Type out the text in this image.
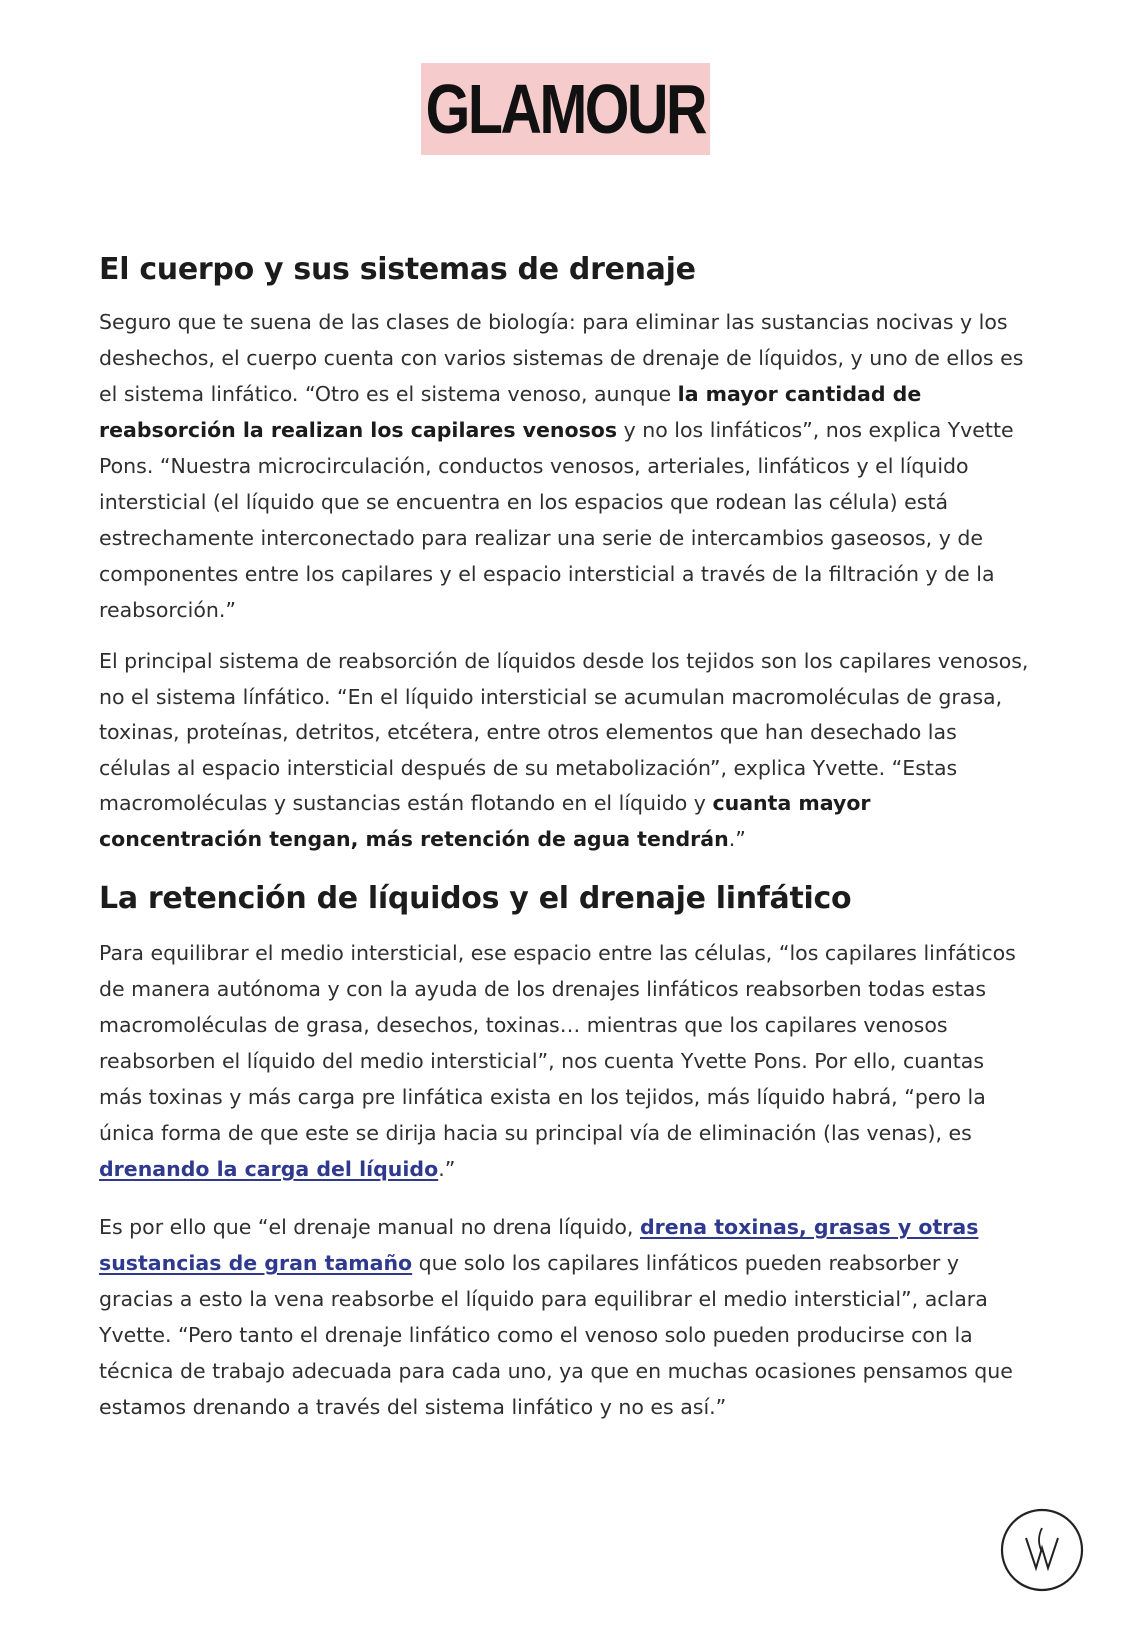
GLAMOUR
El cuerpo y sus sistemas de drenaje

Seguro que te suena de las clases de biología: para eliminar las sustancias nocivas y los deshechos, el cuerpo cuenta con varios sistemas de drenaje de líquidos, y uno de ellos es el sistema linfático. “Otro es el sistema venoso, aunque la mayor cantidad de reabsorción la realizan los capilares venosos y no los linfáticos”, nos explica Yvette Pons. “Nuestra microcirculación, conductos venosos, arteriales, linfáticos y el líquido intersticial (el líquido que se encuentra en los espacios que rodean las célula) está estrechamente interconectado para realizar una serie de intercambios gaseosos, y de componentes entre los capilares y el espacio intersticial a través de la filtración y de la reabsorción.”

El principal sistema de reabsorción de líquidos desde los tejidos son los capilares venosos, no el sistema línfático. “En el líquido intersticial se acumulan macromoléculas de grasa, toxinas, proteínas, detritos, etcétera, entre otros elementos que han desechado las células al espacio intersticial después de su metabolización”, explica Yvette. “Estas macromoléculas y sustancias están flotando en el líquido y cuanta mayor concentración tengan, más retención de agua tendrán.”

La retención de líquidos y el drenaje linfático

Para equilibrar el medio intersticial, ese espacio entre las células, “los capilares linfáticos de manera autónoma y con la ayuda de los drenajes linfáticos reabsorben todas estas macromoléculas de grasa, desechos, toxinas… mientras que los capilares venosos reabsorben el líquido del medio intersticial”, nos cuenta Yvette Pons. Por ello, cuantas más toxinas y más carga pre linfática exista en los tejidos, más líquido habrá, “pero la única forma de que este se dirija hacia su principal vía de eliminación (las venas), es drenando la carga del líquido.”

Es por ello que “el drenaje manual no drena líquido, drena toxinas, grasas y otras sustancias de gran tamaño que solo los capilares linfáticos pueden reabsorber y gracias a esto la vena reabsorbe el líquido para equilibrar el medio intersticial”, aclara Yvette. “Pero tanto el drenaje linfático como el venoso solo pueden producirse con la técnica de trabajo adecuada para cada uno, ya que en muchas ocasiones pensamos que estamos drenando a través del sistema linfático y no es así.”
